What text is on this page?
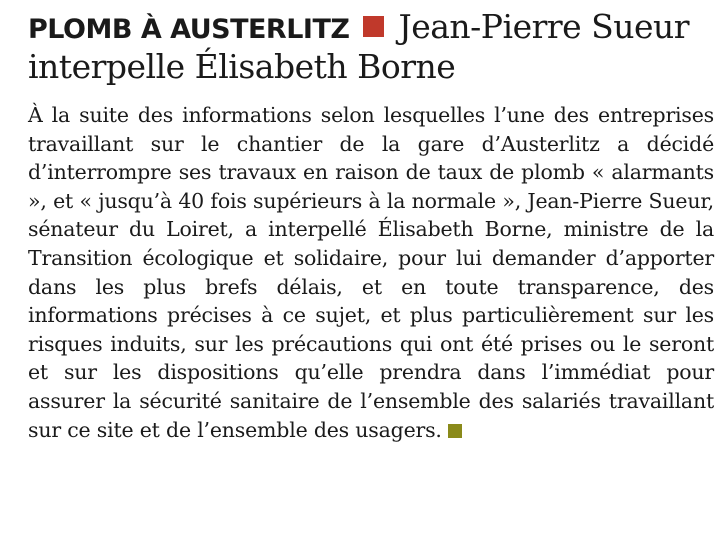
PLOMB À AUSTERLITZ Jean-Pierre Sueur interpelle Élisabeth Borne

À la suite des informations selon lesquelles l’une des entreprises travaillant sur le chantier de la gare d’Austerlitz a décidé d’interrompre ses travaux en raison de taux de plomb « alarmants », et « jusqu’à 40 fois supérieurs à la normale », Jean-Pierre Sueur, sénateur du Loiret, a interpellé Élisabeth Borne, ministre de la Transition écologique et solidaire, pour lui demander d’apporter dans les plus brefs délais, et en toute transparence, des informations précises à ce sujet, et plus particulièrement sur les risques induits, sur les précautions qui ont été prises ou le seront et sur les dispositions qu’elle prendra dans l’immédiat pour assurer la sécurité sanitaire de l’ensemble des salariés travaillant sur ce site et de l’ensemble des usagers.
